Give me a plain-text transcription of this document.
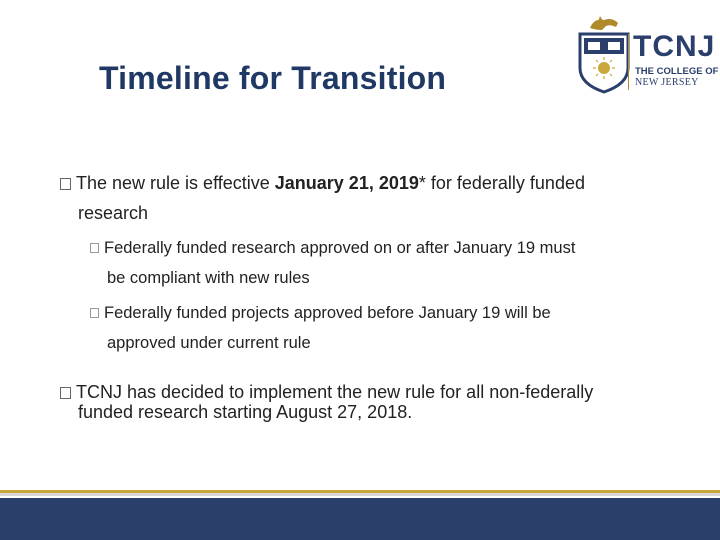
Timeline for Transition
TCNJ
THE COLLEGE OF
NEW JERSEY
The new rule is effective January 21, 2019* for federally funded
research
Federally funded research approved on or after January 19 must
be compliant with new rules
Federally funded projects approved before January 19 will be
approved under current rule
TCNJ has decided to implement the new rule for all non-federally
funded research starting August 27, 2018.
